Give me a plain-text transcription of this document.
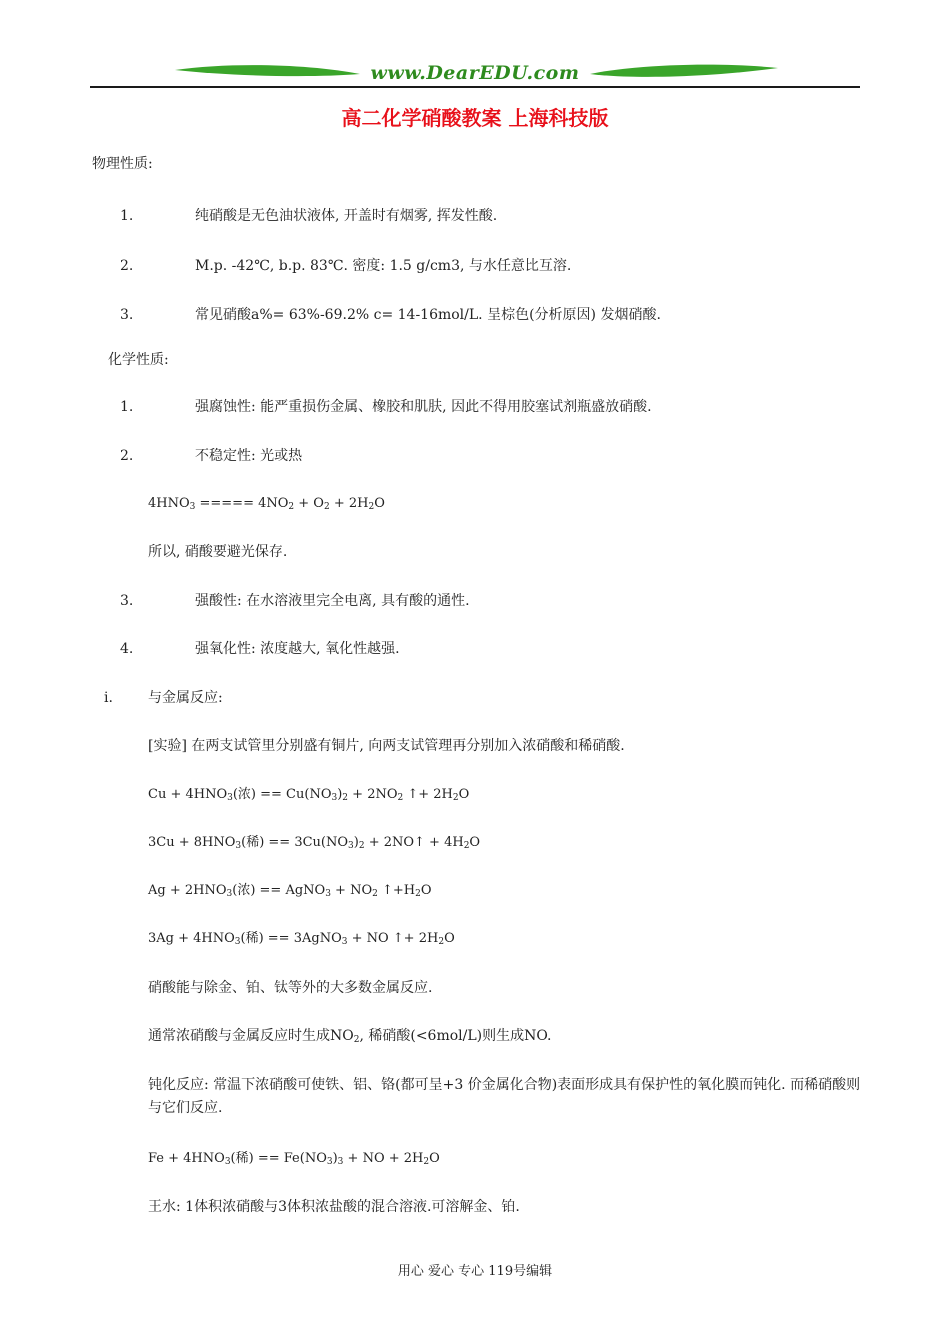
www.DearEDU.com
高二化学硝酸教案 上海科技版
物理性质:
1.	纯硝酸是无色油状液体, 开盖时有烟雾, 挥发性酸.
2.	M.p. -42℃, b.p. 83℃. 密度: 1.5 g/cm3, 与水任意比互溶.
3.	常见硝酸a%= 63%-69.2% c= 14-16mol/L. 呈棕色(分析原因) 发烟硝酸.
化学性质:
1.	强腐蚀性: 能严重损伤金属、橡胶和肌肤, 因此不得用胶塞试剂瓶盛放硝酸.
2.	不稳定性: 光或热
$4HNO_3$ ===== $4NO_2 + O_2 + 2H_2O$
所以, 硝酸要避光保存.
3.	强酸性: 在水溶液里完全电离, 具有酸的通性.
4.	强氧化性: 浓度越大, 氧化性越强.
i.	与金属反应:
[实验] 在两支试管里分别盛有铜片, 向两支试管理再分别加入浓硝酸和稀硝酸.
$Cu + 4HNO_3$(浓) == $Cu(NO_3)_2 + 2NO_2$ ↑+ $2H_2O$
$3Cu + 8HNO_3$(稀) == $3Cu(NO_3)_2$ + 2NO↑ + $4H_2O$
$Ag + 2HNO_3$(浓) == AgNO$_3$ + $NO_2$ $↑+H_2O$
$3Ag + 4HNO_3$(稀) == 3AgNO$_3$ + NO ↑+ $2H_2O$
硝酸能与除金、铂、钛等外的大多数金属反应.
通常浓硝酸与金属反应时生成$NO_2$, 稀硝酸(<6mol/L)则生成NO.
钝化反应: 常温下浓硝酸可使铁、铝、铬(都可呈+3 价金属化合物)表面形成具有保护性的氧化膜而钝化. 而稀硝酸则与它们反应.
$Fe + 4HNO_3$(稀) == $Fe(NO_3)_3$ + NO + $2H_2O$
王水: 1体积浓硝酸与3体积浓盐酸的混合溶液.可溶解金、铂.
用心 爱心 专心 119号编辑
